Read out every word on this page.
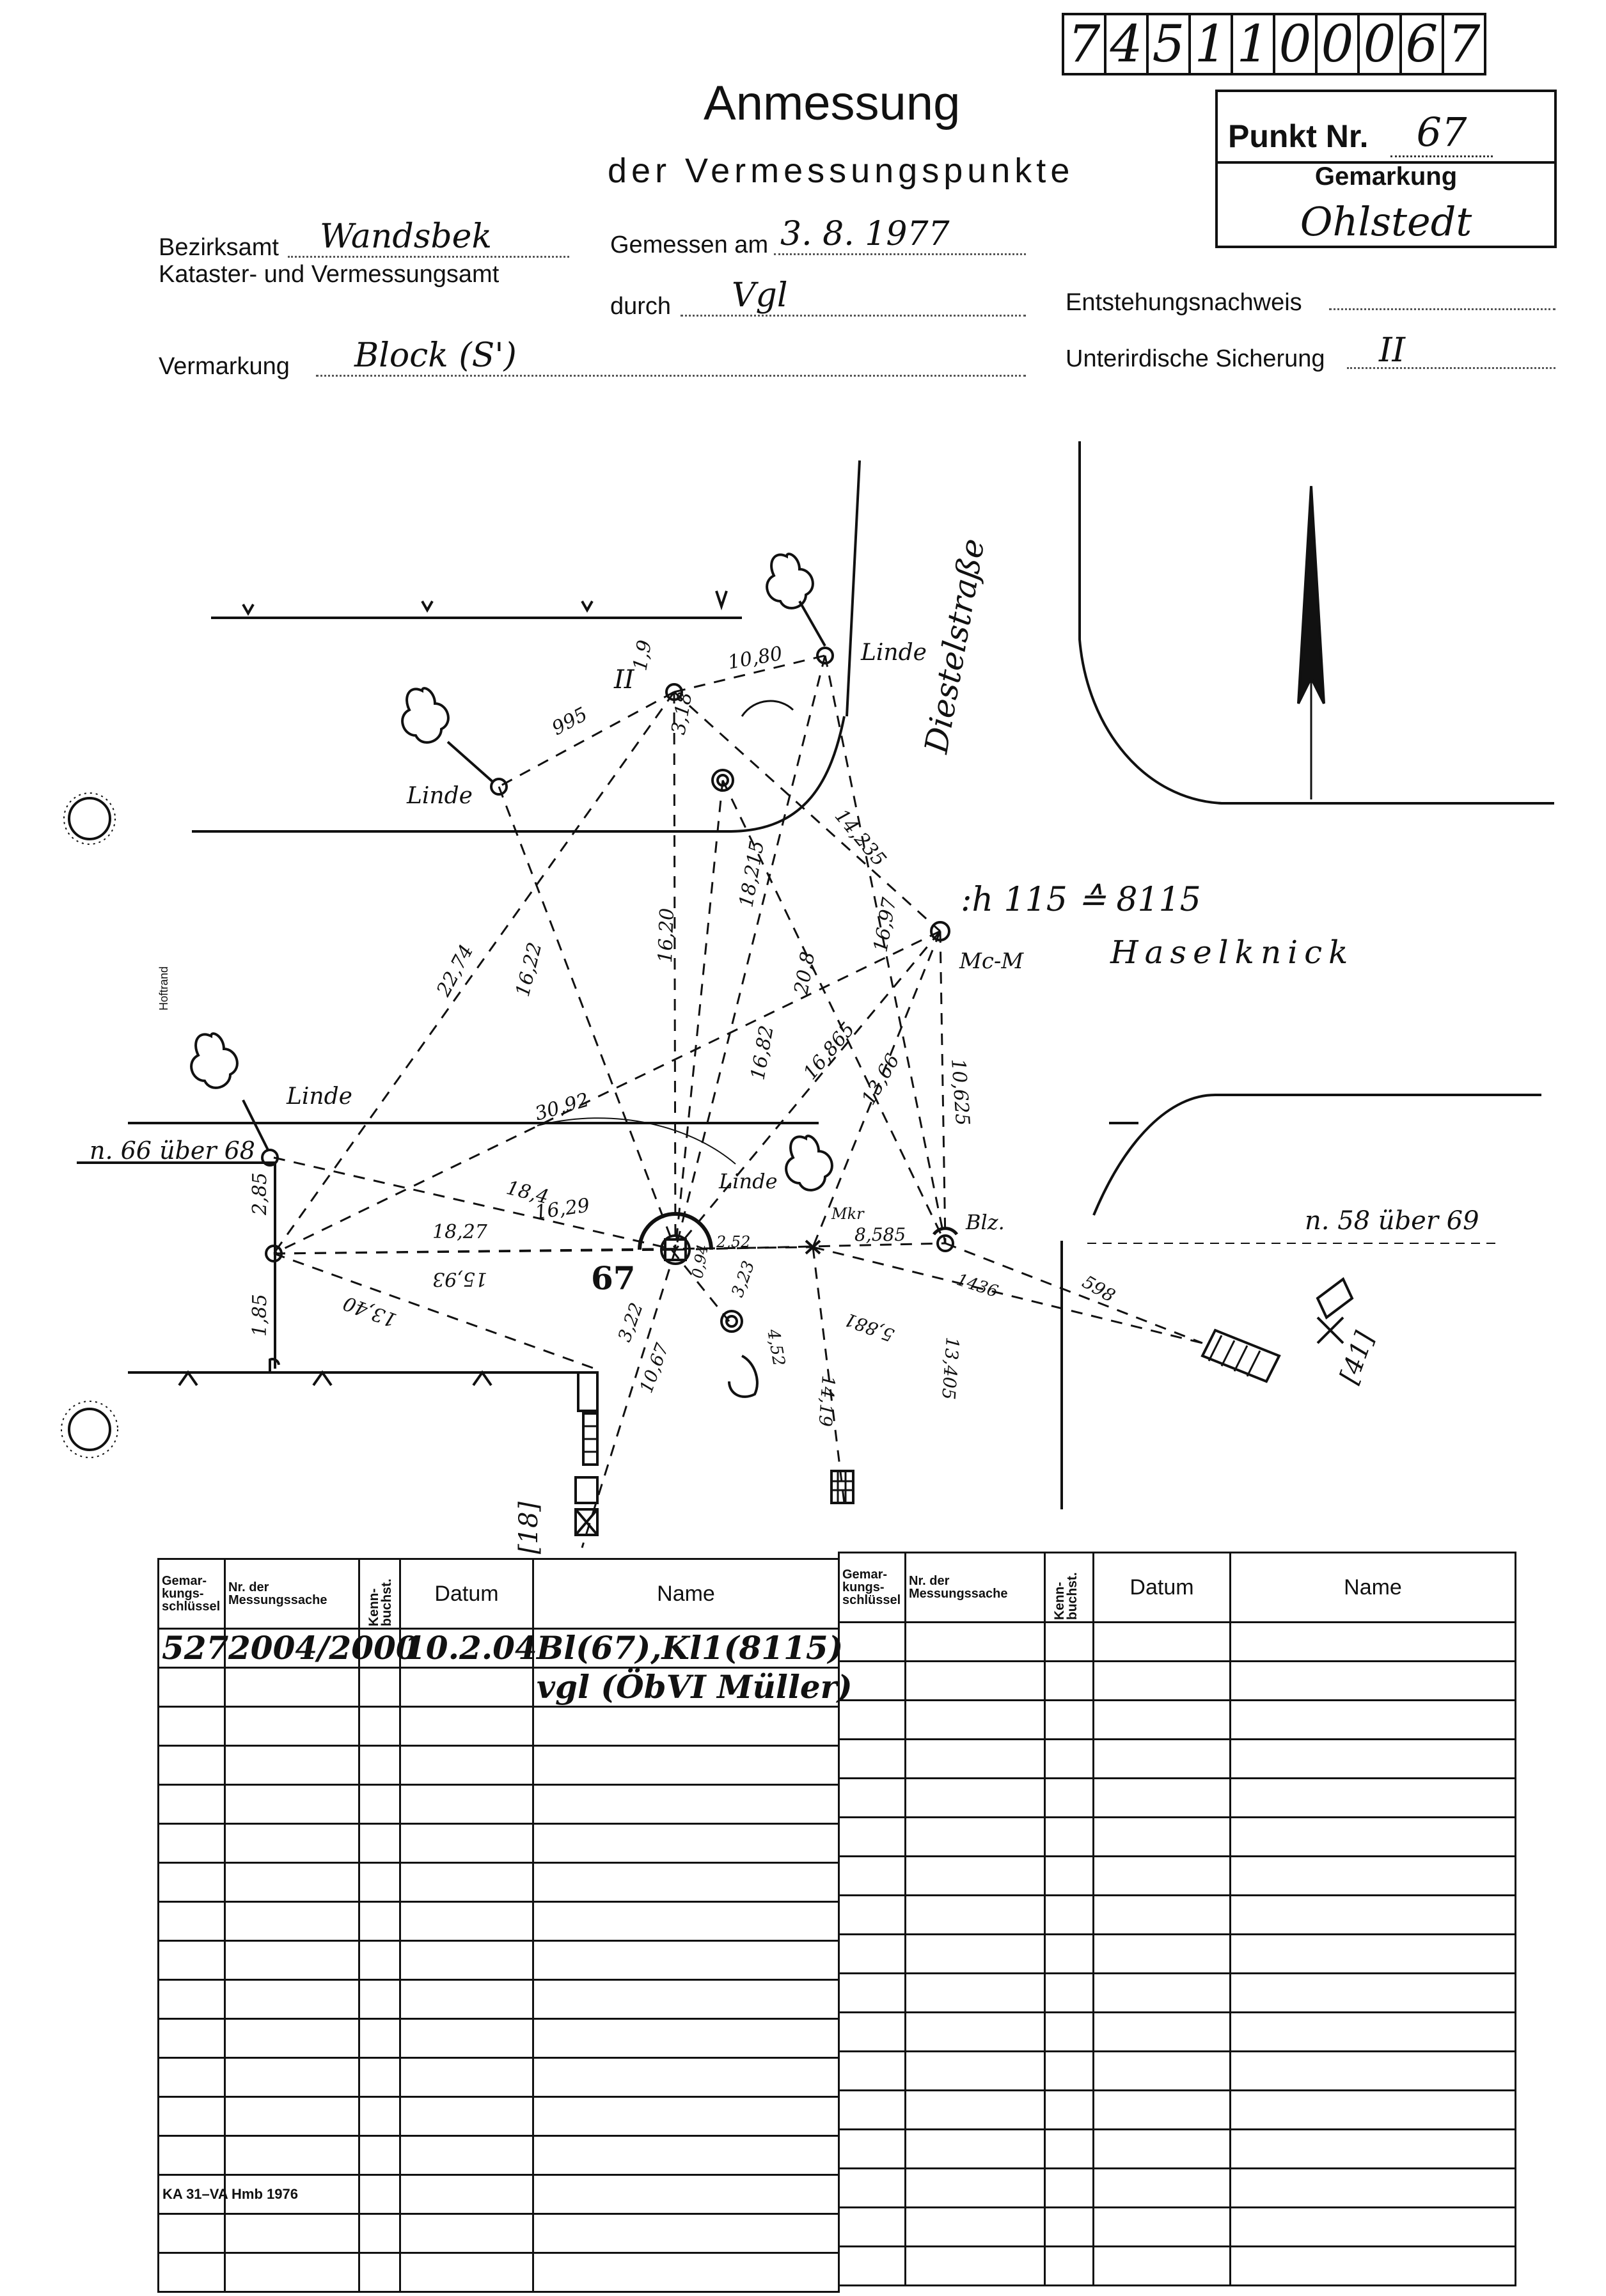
7 4 5 1 1 0 0 0 6 7
Anmessung
der Vermessungspunkte
Punkt Nr.	67
Gemarkung
Ohlstedt
Bezirksamt	Wandsbek
Kataster- und Vermessungsamt
Vermarkung	Block (S')
Gemessen am 3. 8. 1977
durch	Vgl	Entstehungsnachweis
Unterirdische Sicherung	II
Diestelstraße
Linde
Linde
Linde
Linde
Haselknick
:h 115 ≙ 8115
Mc-M
Blz.
Mkr
n. 66 über 68
n. 58 über 69
67
II
Hoftrand
[18]
[41]
1,9	10,80
995	3,18
14,235
18,215
16,20
16,22
22,74	20,8
16,97
16,82 16,865
13,66 10,625
30,92
18,4
16,29
18,27
15,93
13,40
2,85
1,85
2,52	8,585
1436	598
5,881
13,405
14,19
3,22
10,67	4,52
3,23
0,94
Gemar-
kungs-
schlüssel	Nr. der
Messungssache	Kenn-buchst.	Datum	Name

527	2004/2000		10.2.04	Bl(67),Kl1(8115)

				vgl (ÖbVI Müller)

Gemar-
kungs-
schlüssel	Nr. der
Messungssache	Kenn-buchst.	Datum	Name

KA 31–VA Hmb 1976
